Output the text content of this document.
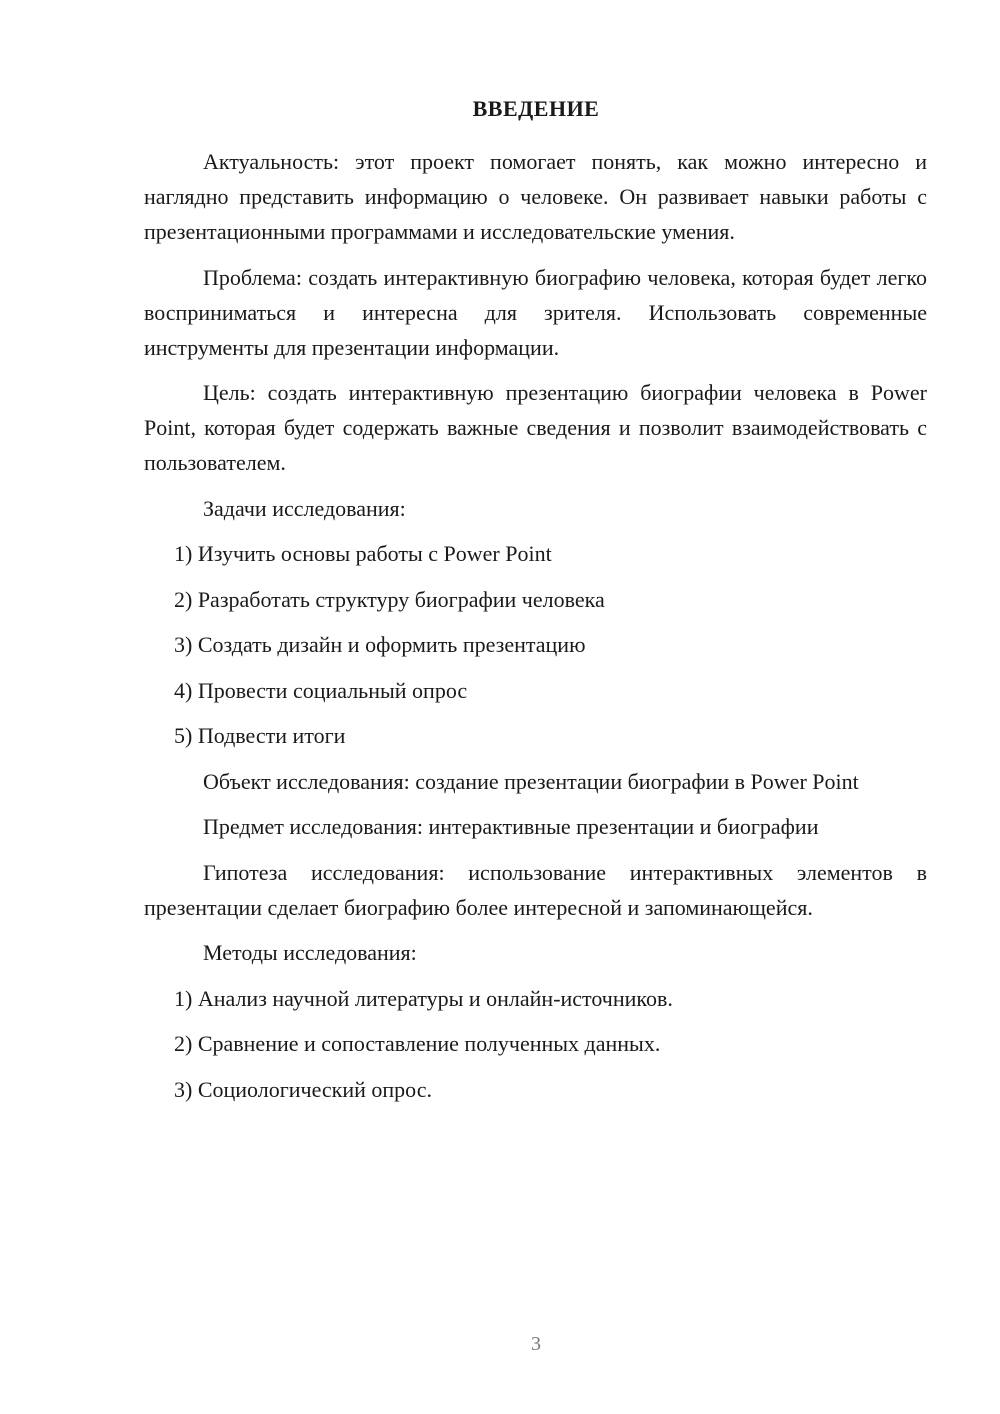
ВВЕДЕНИЕ

Актуальность: этот проект помогает понять, как можно интересно и наглядно представить информацию о человеке. Он развивает навыки работы с презентационными программами и исследовательские умения.

Проблема: создать интерактивную биографию человека, которая будет легко восприниматься и интересна для зрителя. Использовать современные инструменты для презентации информации.

Цель: создать интерактивную презентацию биографии человека в Power Point, которая будет содержать важные сведения и позволит взаимодействовать с пользователем.

Задачи исследования:

1) Изучить основы работы с Power Point

2) Разработать структуру биографии человека

3) Создать дизайн и оформить презентацию

4) Провести социальный опрос

5) Подвести итоги

Объект исследования: создание презентации биографии в Power Point

Предмет исследования: интерактивные презентации и биографии

Гипотеза исследования: использование интерактивных элементов в презентации сделает биографию более интересной и запоминающейся.

Методы исследования:

1) Анализ научной литературы и онлайн-источников.

2) Сравнение и сопоставление полученных данных.

3) Социологический опрос.

3
